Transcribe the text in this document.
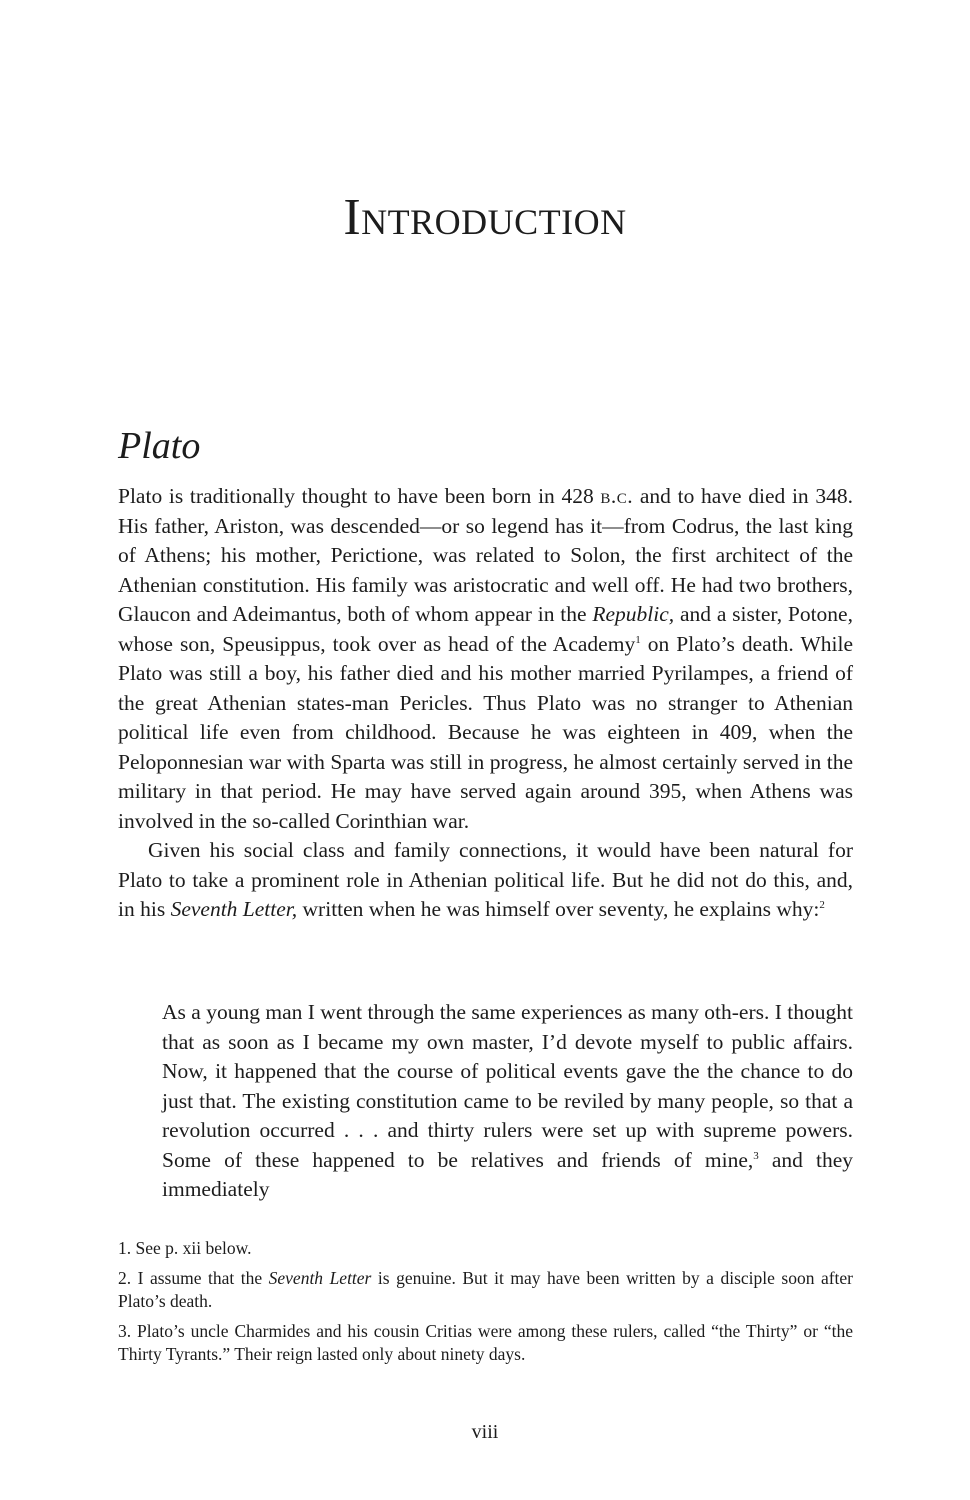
Introduction
Plato

Plato is traditionally thought to have been born in 428 b.c. and to have died in 348. His father, Ariston, was descended—or so legend has it—from Codrus, the last king of Athens; his mother, Perictione, was related to Solon, the first architect of the Athenian constitution. His family was aristocratic and well off. He had two brothers, Glaucon and Adeimantus, both of whom appear in the Republic, and a sister, Potone, whose son, Speusippus, took over as head of the Academy$^1$ on Plato’s death. While Plato was still a boy, his father died and his mother married Pyrilampes, a friend of the great Athenian states-man Pericles. Thus Plato was no stranger to Athenian political life even from childhood. Because he was eighteen in 409, when the Peloponnesian war with Sparta was still in progress, he almost certainly served in the military in that period. He may have served again around 395, when Athens was involved in the so-called Corinthian war.

Given his social class and family connections, it would have been natural for Plato to take a prominent role in Athenian political life. But he did not do this, and, in his Seventh Letter, written when he was himself over seventy, he explains why:$^2$

As a young man I went through the same experiences as many oth-ers. I thought that as soon as I became my own master, I’d devote myself to public affairs. Now, it happened that the course of political events gave the the chance to do just that. The existing constitution came to be reviled by many people, so that a revolution occurred . . . and thirty rulers were set up with supreme powers. Some of these happened to be relatives and friends of mine,$^3$ and they immediately

1. See p. xii below.

2. I assume that the Seventh Letter is genuine. But it may have been written by a disciple soon after Plato’s death.

3. Plato’s uncle Charmides and his cousin Critias were among these rulers, called “the Thirty” or “the Thirty Tyrants.” Their reign lasted only about ninety days.

viii
